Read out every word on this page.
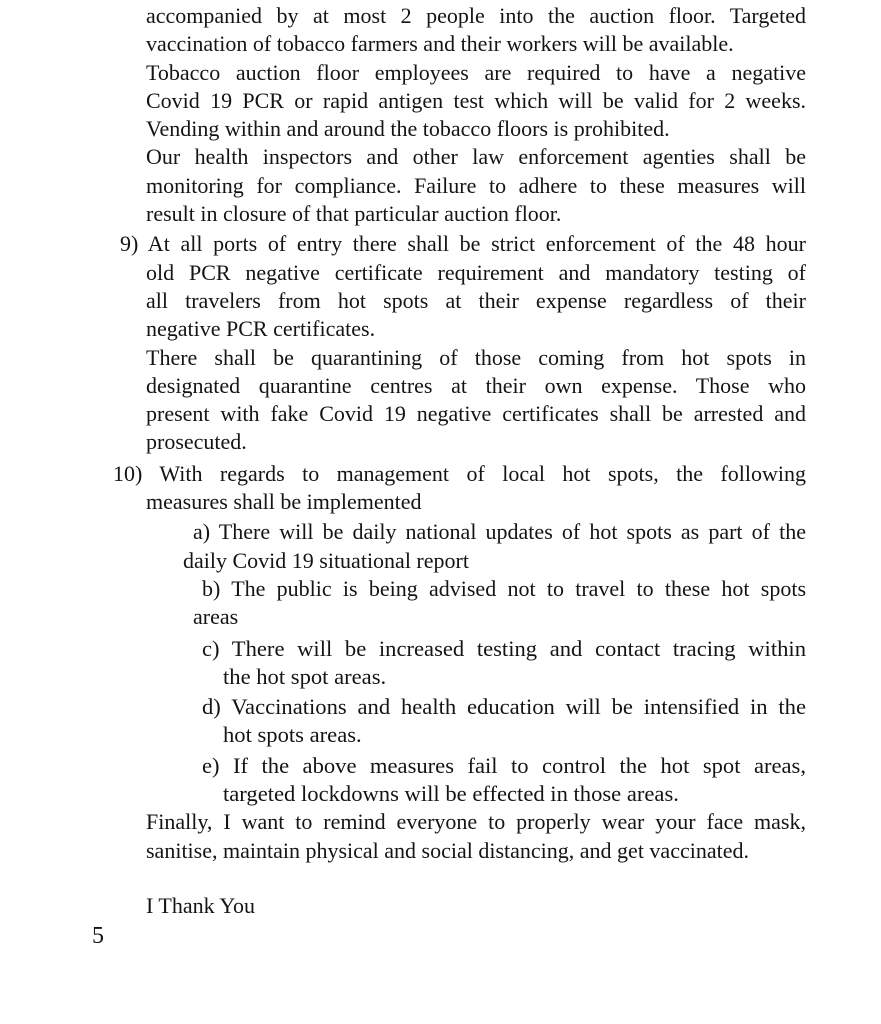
accompanied by at most 2 people into the auction floor. Targeted
vaccination of tobacco farmers and their workers will be available.
Tobacco auction floor employees are required to have a negative
Covid 19 PCR or rapid antigen test which will be valid for 2 weeks.
Vending within and around the tobacco floors is prohibited.
Our health inspectors and other law enforcement agenties shall be
monitoring for compliance. Failure to adhere to these measures will
result in closure of that particular auction floor.
9) At all ports of entry there shall be strict enforcement of the 48 hour
old PCR negative certificate requirement and mandatory testing of
all travelers from hot spots at their expense regardless of their
negative PCR certificates.
There shall be quarantining of those coming from hot spots in
designated quarantine centres at their own expense. Those who
present with fake Covid 19 negative certificates shall be arrested and
prosecuted.
10) With regards to management of local hot spots, the following
measures shall be implemented
a) There will be daily national updates of hot spots as part of the
daily Covid 19 situational report
b) The public is being advised not to travel to these hot spots
areas
c) There will be increased testing and contact tracing within
the hot spot areas.
d) Vaccinations and health education will be intensified in the
hot spots areas.
e) If the above measures fail to control the hot spot areas,
targeted lockdowns will be effected in those areas.
Finally, I want to remind everyone to properly wear your face mask,
sanitise, maintain physical and social distancing, and get vaccinated.
I Thank You
5
